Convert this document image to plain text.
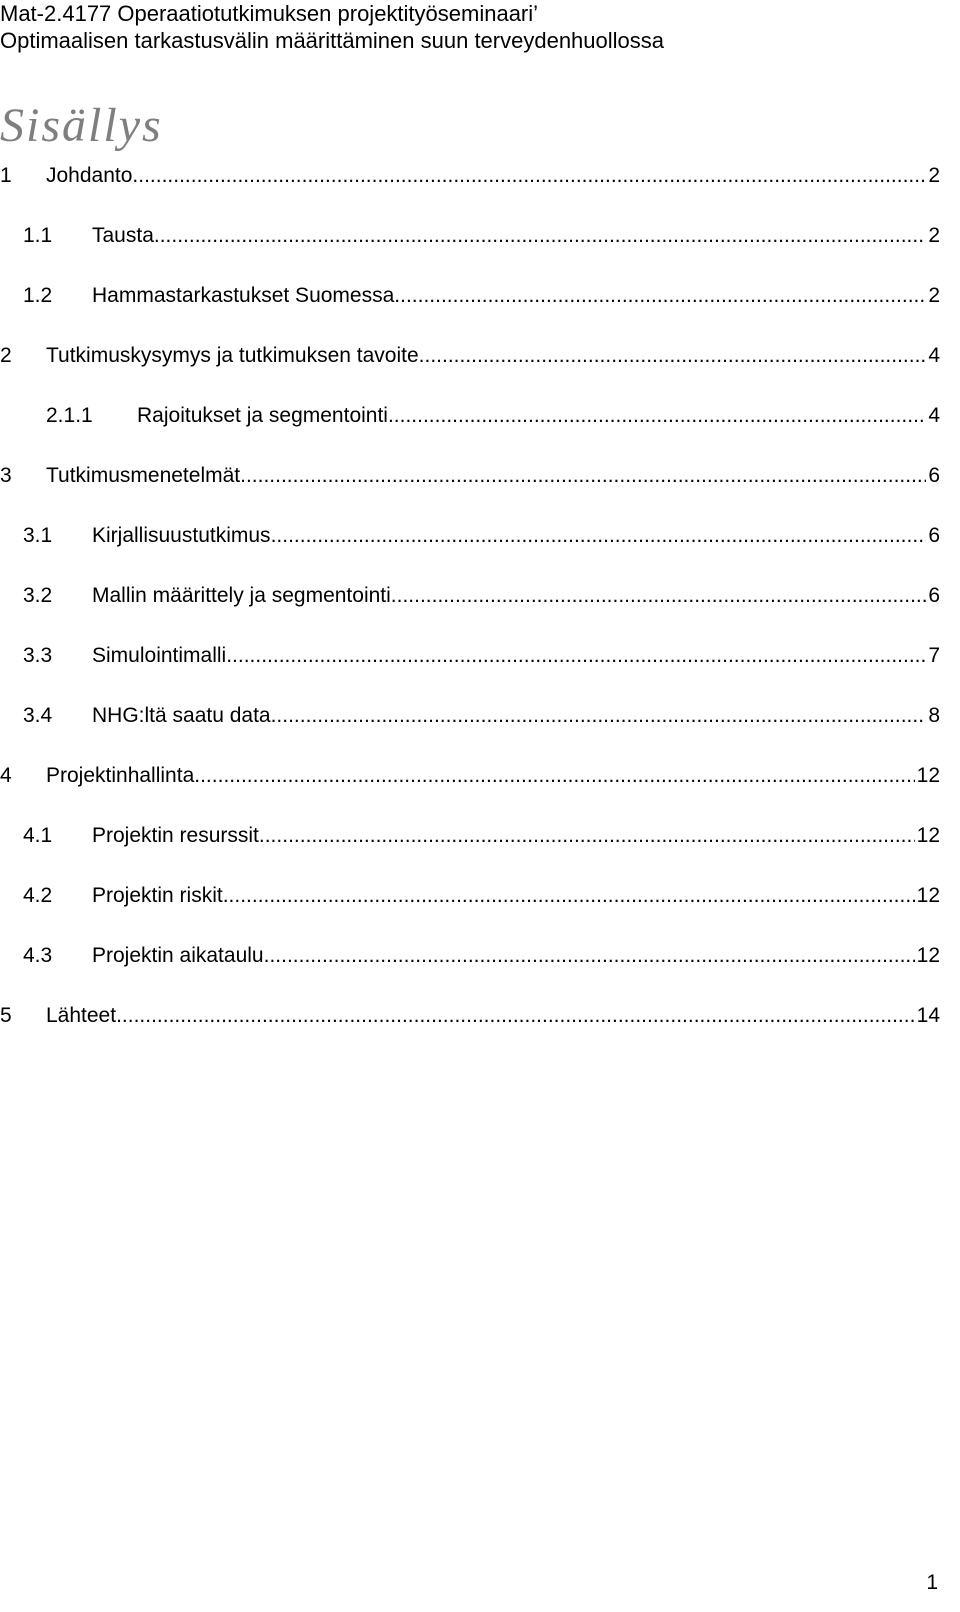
Mat-2.4177 Operaatiotutkimuksen projektityöseminaari’
Optimaalisen tarkastusvälin määrittäminen suun terveydenhuollossa
Sisällys
1 Johdanto .....	2
1.1 Tausta .....	2
1.2 Hammastarkastukset Suomessa .....	2
2 Tutkimuskysymys ja tutkimuksen tavoite .....	4
2.1.1 Rajoitukset ja segmentointi .....	4
3 Tutkimusmenetelmät .....	6
3.1 Kirjallisuustutkimus .....	6
3.2 Mallin määrittely ja segmentointi .....	6
3.3 Simulointimalli .....	7
3.4 NHG:ltä saatu data .....	8
4 Projektinhallinta .....	12
4.1 Projektin resurssit .....	12
4.2 Projektin riskit .....	12
4.3 Projektin aikataulu .....	12
5 Lähteet .....	14
1
